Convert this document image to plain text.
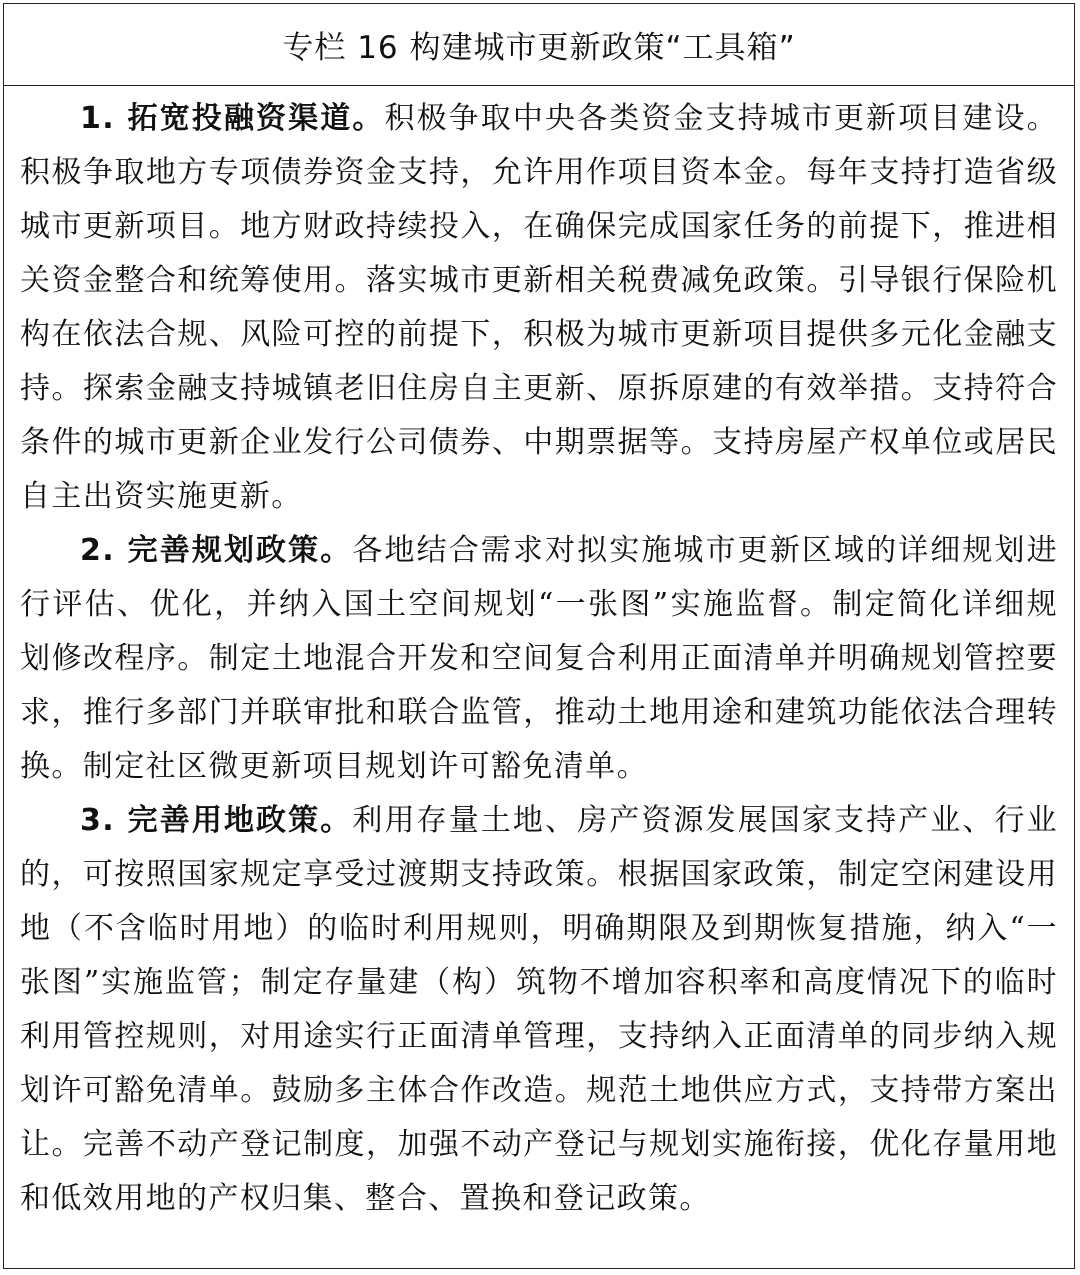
专栏 16 构建城市更新政策“工具箱”

1. 拓宽投融资渠道。积极争取中央各类资金支持城市更新项目建设。积极争取地方专项债券资金支持，允许用作项目资本金。每年支持打造省级城市更新项目。地方财政持续投入，在确保完成国家任务的前提下，推进相关资金整合和统筹使用。落实城市更新相关税费减免政策。引导银行保险机构在依法合规、风险可控的前提下，积极为城市更新项目提供多元化金融支持。探索金融支持城镇老旧住房自主更新、原拆原建的有效举措。支持符合条件的城市更新企业发行公司债券、中期票据等。支持房屋产权单位或居民自主出资实施更新。

2. 完善规划政策。各地结合需求对拟实施城市更新区域的详细规划进行评估、优化，并纳入国土空间规划“一张图”实施监督。制定简化详细规划修改程序。制定土地混合开发和空间复合利用正面清单并明确规划管控要求，推行多部门并联审批和联合监管，推动土地用途和建筑功能依法合理转换。制定社区微更新项目规划许可豁免清单。

3. 完善用地政策。利用存量土地、房产资源发展国家支持产业、行业的，可按照国家规定享受过渡期支持政策。根据国家政策，制定空闲建设用地（不含临时用地）的临时利用规则，明确期限及到期恢复措施，纳入“一张图”实施监管；制定存量建（构）筑物不增加容积率和高度情况下的临时利用管控规则，对用途实行正面清单管理，支持纳入正面清单的同步纳入规划许可豁免清单。鼓励多主体合作改造。规范土地供应方式，支持带方案出让。完善不动产登记制度，加强不动产登记与规划实施衔接，优化存量用地和低效用地的产权归集、整合、置换和登记政策。
